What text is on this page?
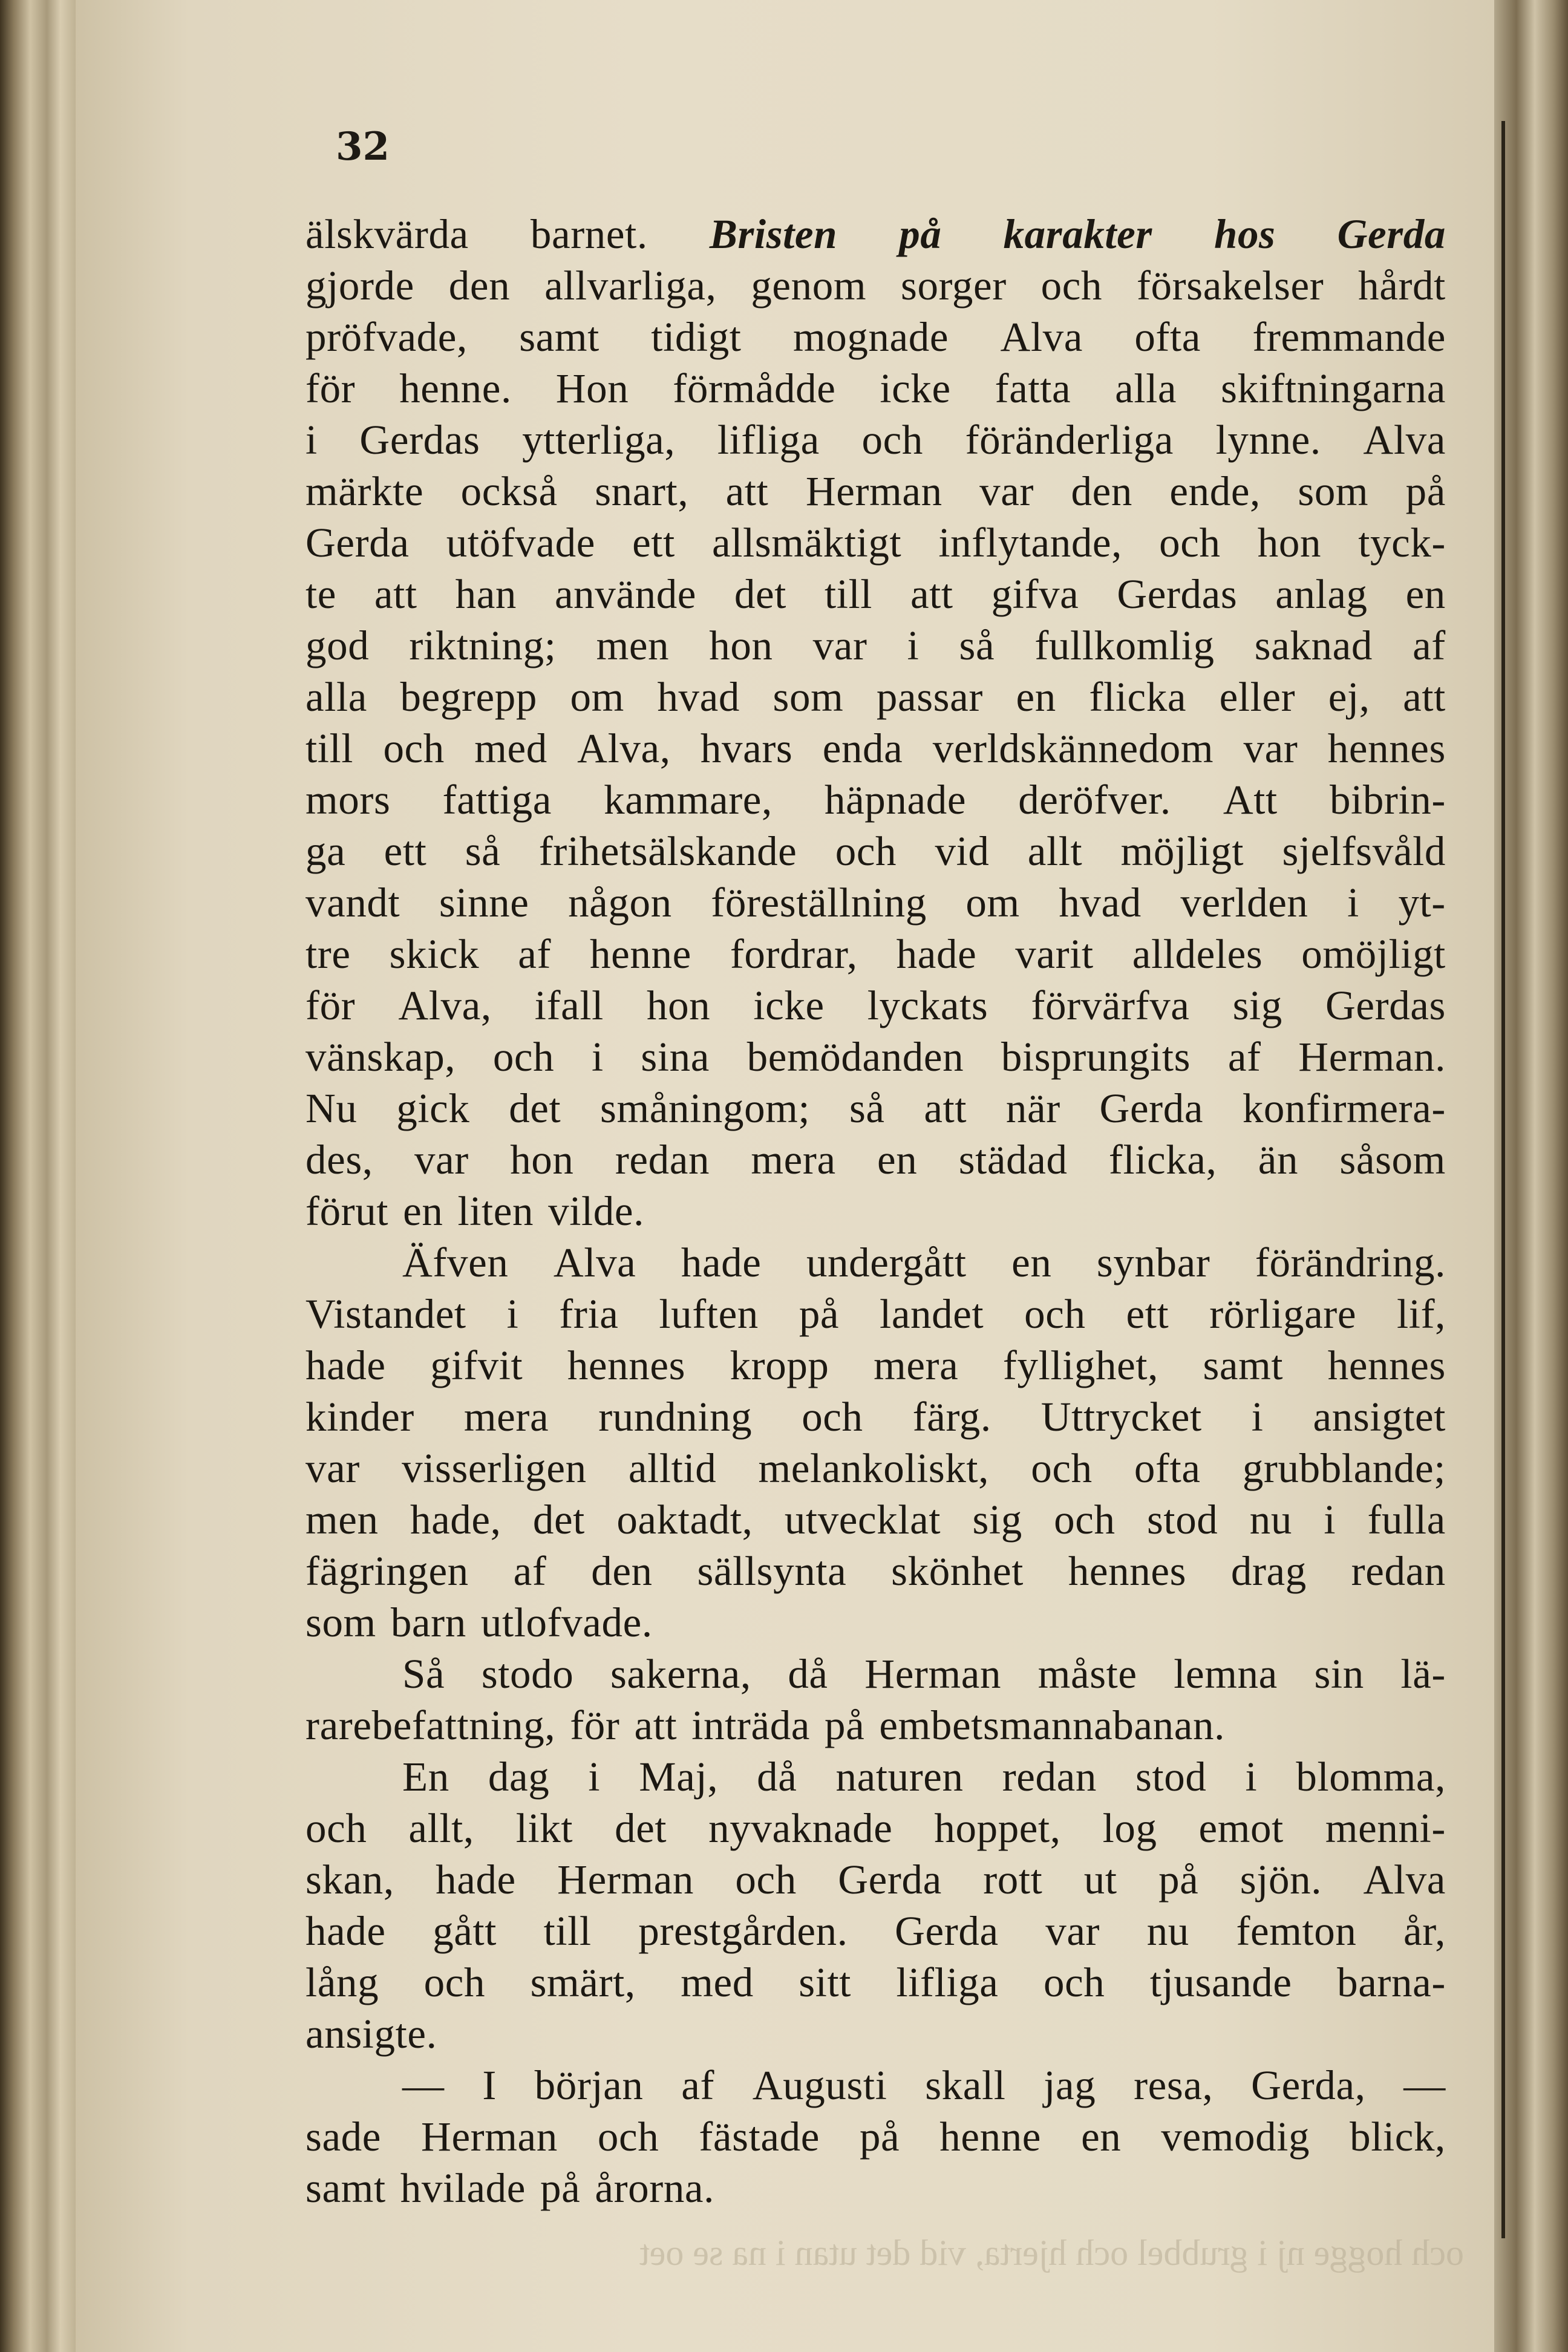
32
älskvärda barnet. Bristen på karakter hos Gerda
gjorde den allvarliga, genom sorger och försakelser hårdt
pröfvade, samt tidigt mognade Alva ofta fremmande
för henne. Hon förmådde icke fatta alla skiftningarna
i Gerdas ytterliga, lifliga och föränderliga lynne. Alva
märkte också snart, att Herman var den ende, som på
Gerda utöfvade ett allsmäktigt inflytande, och hon tyck-
te att han använde det till att gifva Gerdas anlag en
god riktning; men hon var i så fullkomlig saknad af
alla begrepp om hvad som passar en flicka eller ej, att
till och med Alva, hvars enda verldskännedom var hennes
mors fattiga kammare, häpnade deröfver. Att bibrin-
ga ett så frihetsälskande och vid allt möjligt sjelfsvåld
vandt sinne någon föreställning om hvad verlden i yt-
tre skick af henne fordrar, hade varit alldeles omöjligt
för Alva, ifall hon icke lyckats förvärfva sig Gerdas
vänskap, och i sina bemödanden bisprungits af Herman.
Nu gick det småningom; så att när Gerda konfirmera-
des, var hon redan mera en städad flicka, än såsom
förut en liten vilde.
Äfven Alva hade undergått en synbar förändring.
Vistandet i fria luften på landet och ett rörligare lif,
hade gifvit hennes kropp mera fyllighet, samt hennes
kinder mera rundning och färg. Uttrycket i ansigtet
var visserligen alltid melankoliskt, och ofta grubblande;
men hade, det oaktadt, utvecklat sig och stod nu i fulla
fägringen af den sällsynta skönhet hennes drag redan
som barn utlofvade.
Så stodo sakerna, då Herman måste lemna sin lä-
rarebefattning, för att inträda på embetsmannabanan.
En dag i Maj, då naturen redan stod i blomma,
och allt, likt det nyvaknade hoppet, log emot menni-
skan, hade Herman och Gerda rott ut på sjön. Alva
hade gått till prestgården. Gerda var nu femton år,
lång och smärt, med sitt lifliga och tjusande barna-
ansigte.
— I början af Augusti skall jag resa, Gerda, —
sade Herman och fästade på henne en vemodig blick,
samt hvilade på årorna.
och hogge nj i grubbel och hjerta, vid det utan i na se oet
